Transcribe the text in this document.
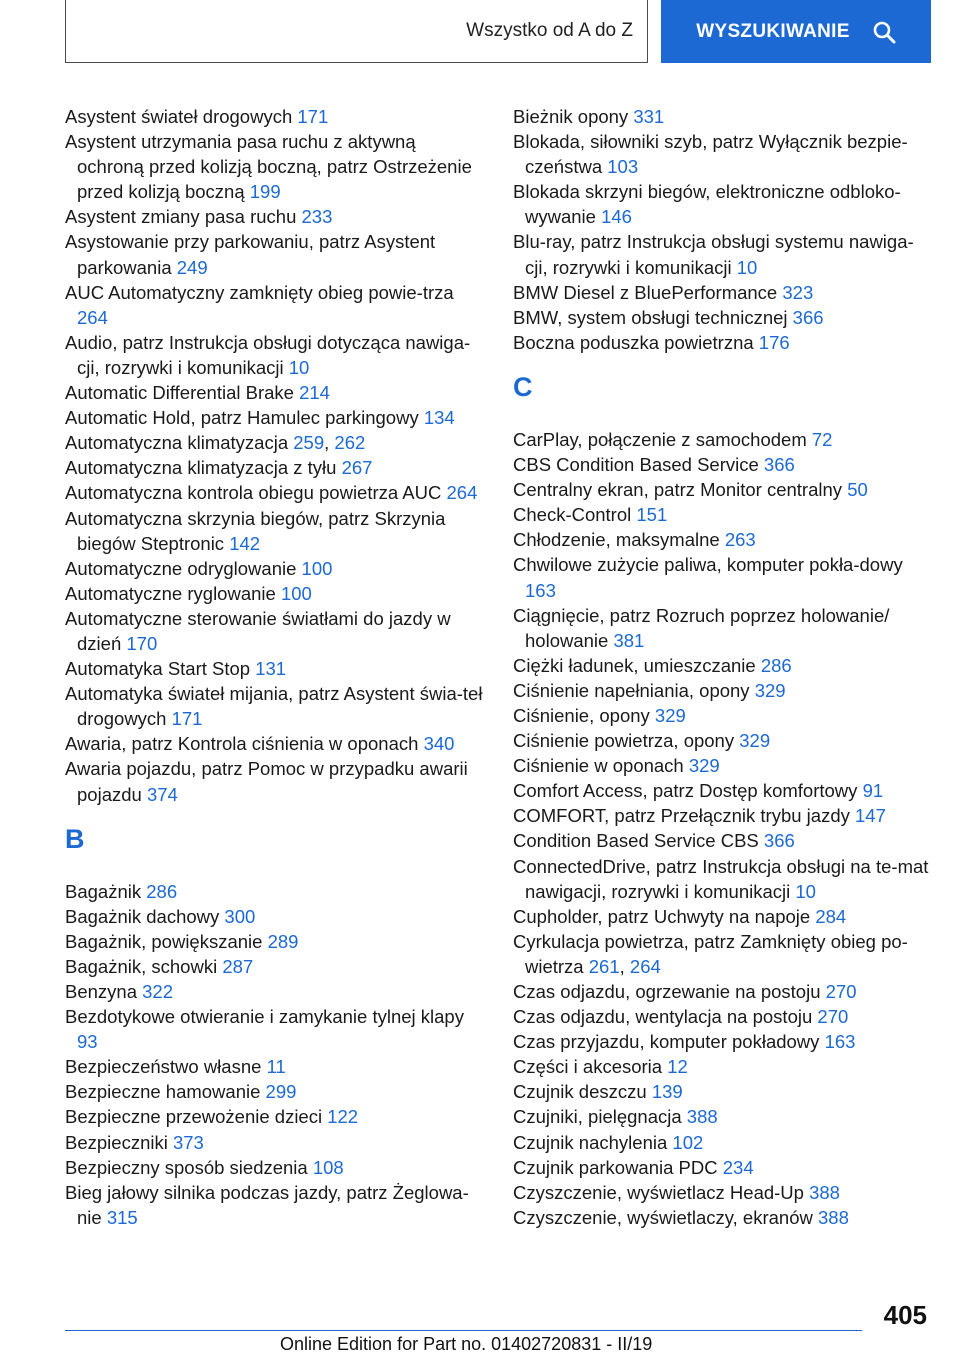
Wszystko od A do Z	WYSZUKIWANIE

Asystent świateł drogowych 171

Asystent utrzymania pasa ruchu z aktywną ochroną przed kolizją boczną, patrz Ostrzeżenie przed kolizją boczną 199

Asystent zmiany pasa ruchu 233

Asystowanie przy parkowaniu, patrz Asystent parkowania 249

AUC Automatyczny zamknięty obieg powie-trza 264

Audio, patrz Instrukcja obsługi dotycząca nawiga-cji, rozrywki i komunikacji 10

Automatic Differential Brake 214

Automatic Hold, patrz Hamulec parkingowy 134

Automatyczna klimatyzacja 259, 262

Automatyczna klimatyzacja z tyłu 267

Automatyczna kontrola obiegu powietrza AUC 264

Automatyczna skrzynia biegów, patrz Skrzynia biegów Steptronic 142

Automatyczne odryglowanie 100

Automatyczne ryglowanie 100

Automatyczne sterowanie światłami do jazdy w dzień 170

Automatyka Start Stop 131

Automatyka świateł mijania, patrz Asystent świa-teł drogowych 171

Awaria, patrz Kontrola ciśnienia w oponach 340

Awaria pojazdu, patrz Pomoc w przypadku awarii pojazdu 374

B

Bagażnik 286

Bagażnik dachowy 300

Bagażnik, powiększanie 289

Bagażnik, schowki 287

Benzyna 322

Bezdotykowe otwieranie i zamykanie tylnej klapy 93

Bezpieczeństwo własne 11

Bezpieczne hamowanie 299

Bezpieczne przewożenie dzieci 122

Bezpieczniki 373

Bezpieczny sposób siedzenia 108

Bieg jałowy silnika podczas jazdy, patrz Żeglowa-nie 315

Bieżnik opony 331

Blokada, siłowniki szyb, patrz Wyłącznik bezpie-czeństwa 103

Blokada skrzyni biegów, elektroniczne odbloko-wywanie 146

Blu-ray, patrz Instrukcja obsługi systemu nawiga-cji, rozrywki i komunikacji 10

BMW Diesel z BluePerformance 323

BMW, system obsługi technicznej 366

Boczna poduszka powietrzna 176

C

CarPlay, połączenie z samochodem 72

CBS Condition Based Service 366

Centralny ekran, patrz Monitor centralny 50

Check-Control 151

Chłodzenie, maksymalne 263

Chwilowe zużycie paliwa, komputer pokła-dowy 163

Ciągnięcie, patrz Rozruch poprzez holowanie/ holowanie 381

Ciężki ładunek, umieszczanie 286

Ciśnienie napełniania, opony 329

Ciśnienie, opony 329

Ciśnienie powietrza, opony 329

Ciśnienie w oponach 329

Comfort Access, patrz Dostęp komfortowy 91

COMFORT, patrz Przełącznik trybu jazdy 147

Condition Based Service CBS 366

ConnectedDrive, patrz Instrukcja obsługi na te-mat nawigacji, rozrywki i komunikacji 10

Cupholder, patrz Uchwyty na napoje 284

Cyrkulacja powietrza, patrz Zamknięty obieg po-wietrza 261, 264

Czas odjazdu, ogrzewanie na postoju 270

Czas odjazdu, wentylacja na postoju 270

Czas przyjazdu, komputer pokładowy 163

Części i akcesoria 12

Czujnik deszczu 139

Czujniki, pielęgnacja 388

Czujnik nachylenia 102

Czujnik parkowania PDC 234

Czyszczenie, wyświetlacz Head-Up 388

Czyszczenie, wyświetlaczy, ekranów 388

405
Online Edition for Part no. 01402720831 - II/19
